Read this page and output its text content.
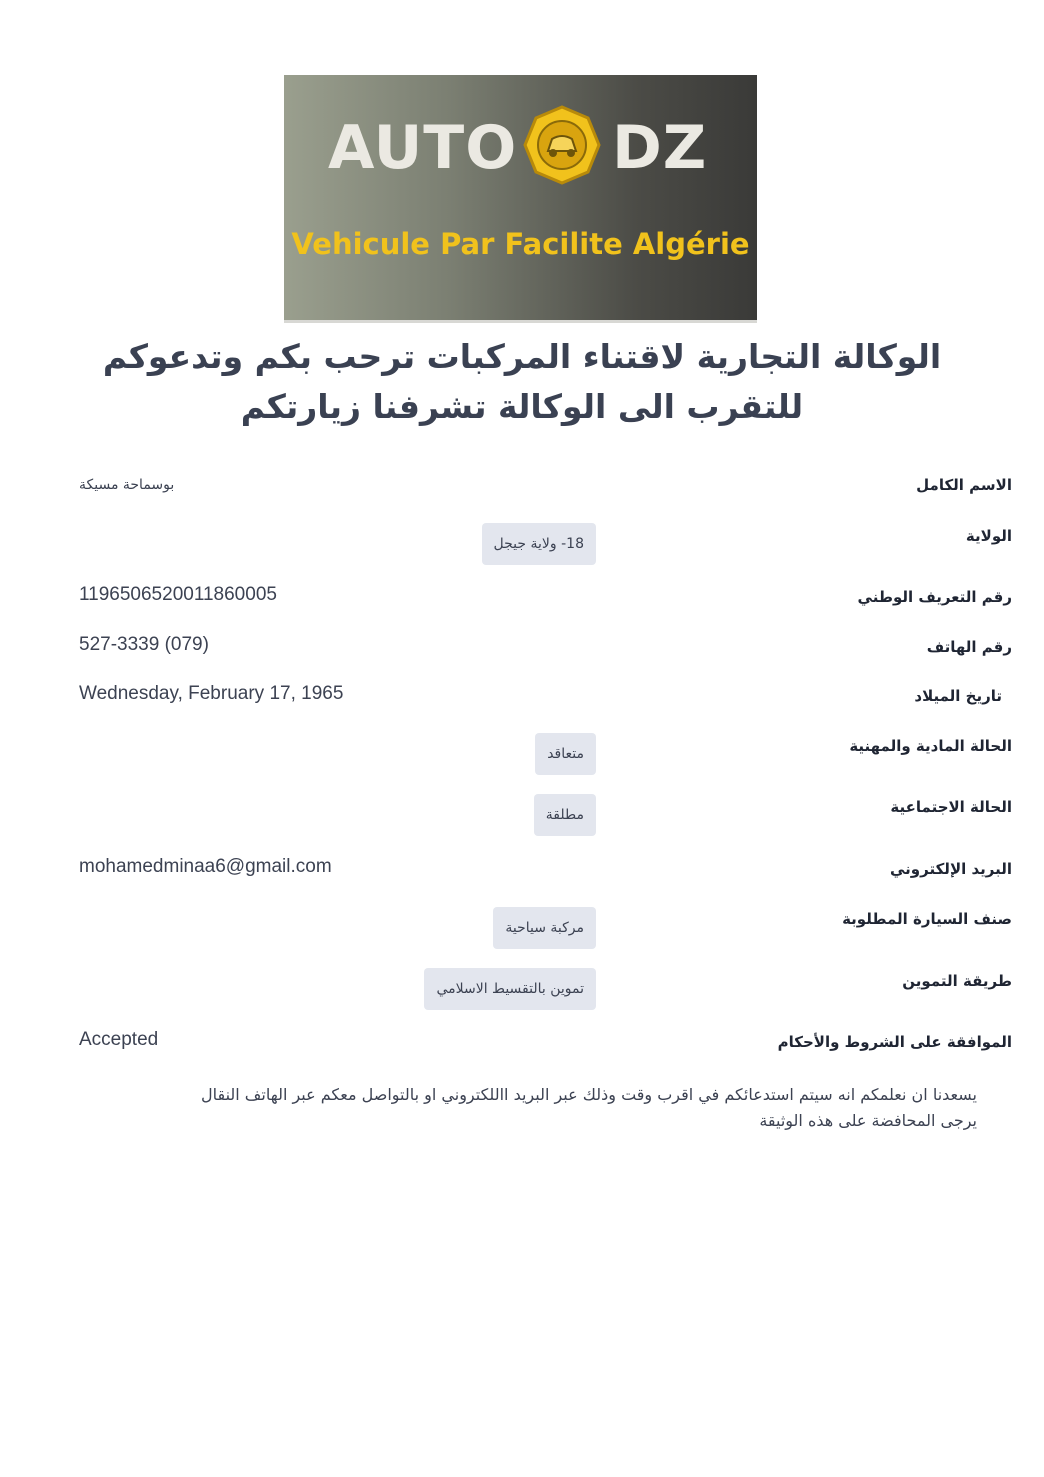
AUTO DZ
Vehicule Par Facilite Algérie
الوكالة التجارية لاقتناء المركبات ترحب بكم وتدعوكم للتقرب الى الوكالة تشرفنا زيارتكم
الاسم الكامل
بوسماحة مسيكة
الولاية
18- ولاية جيجل
رقم التعريف الوطني
119650652001186000‏5
رقم الهاتف
527-3339 (079)
تاريخ الميلاد
Wednesday, February 17, 1965
الحالة المادية والمهنية
متعاقد
الحالة الاجتماعية
مطلقة
البريد الإلكتروني
mohamedminaa6@gmail.com
صنف السيارة المطلوبة
مركبة سياحية
طريقة التموين
تموين بالتقسيط الاسلامي
الموافقة على الشروط والأحكام
Accepted
يسعدنا ان نعلمكم انه سيتم استدعائكم في اقرب وقت وذلك عبر البريد االلكتروني او بالتواصل معكم عبر الهاتف النقال
يرجى المحافضة على هذه الوثيقة
